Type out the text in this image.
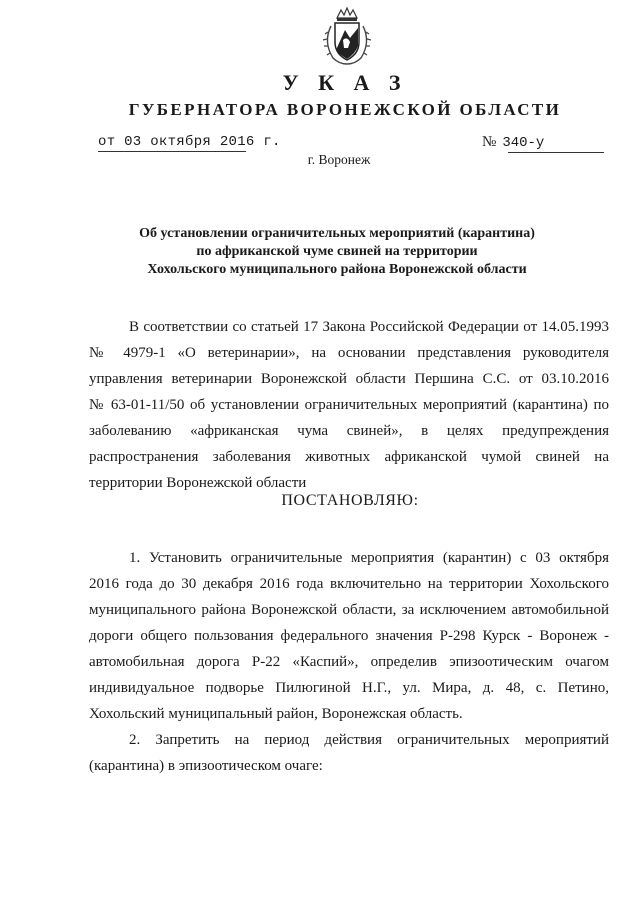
У К А З
ГУБЕРНАТОРА ВОРОНЕЖСКОЙ ОБЛАСТИ
от 03 октября 2016 г.	№ 340-у
г. Воронеж
Об установлении ограничительных мероприятий (карантина)
по африканской чуме свиней на территории
Хохольского муниципального района Воронежской области
В соответствии со статьей 17 Закона Российской Федерации от 14.05.1993
№ 4979-1 «О ветеринарии», на основании представления руководителя
управления ветеринарии Воронежской области Першина С.С. от 03.10.2016
№ 63-01-11/50 об установлении ограничительных мероприятий (карантина) по
заболеванию «африканская чума свиней», в целях предупреждения
распространения заболевания животных африканской чумой свиней на
территории Воронежской области
ПОСТАНОВЛЯЮ:
1. Установить ограничительные мероприятия (карантин) с 03 октября
2016 года до 30 декабря 2016 года включительно на территории Хохольского
муниципального района Воронежской области, за исключением автомобильной
дороги общего пользования федерального значения Р-298 Курск - Воронеж -
автомобильная дорога Р-22 «Каспий», определив эпизоотическим очагом
индивидуальное подворье Пилюгиной Н.Г., ул. Мира, д. 48, с. Петино,
Хохольский муниципальный район, Воронежская область.
2. Запретить на период действия ограничительных мероприятий
(карантина) в эпизоотическом очаге:
